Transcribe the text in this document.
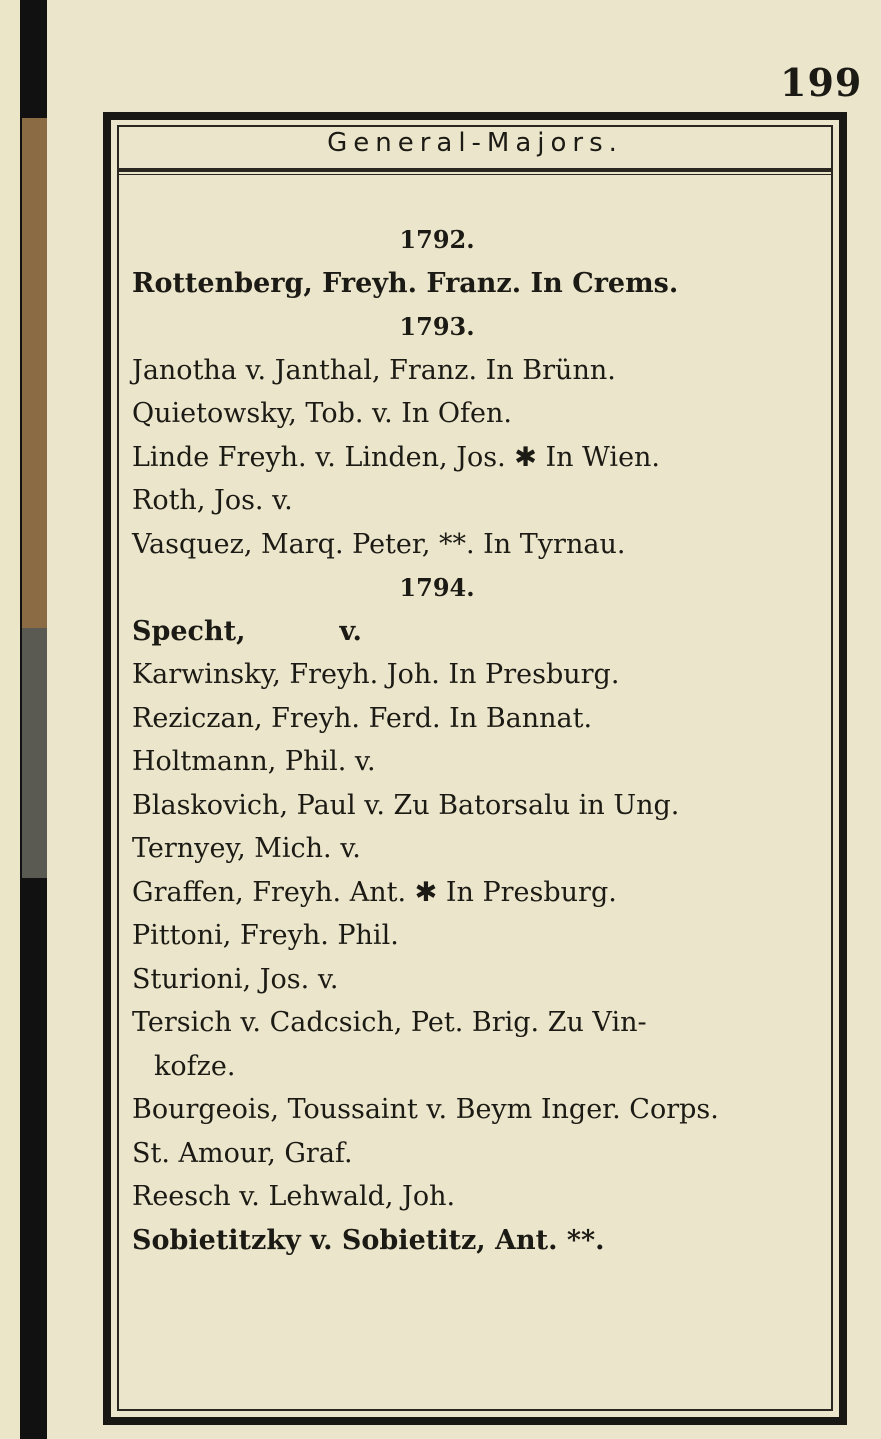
199
General-Majors.
1792.
Rottenberg, Freyh. Franz. In Crems.
1793.
Janotha v. Janthal, Franz. In Brünn.
Quietowsky, Tob. v. In Ofen.
Linde Freyh. v. Linden, Jos. ✱ In Wien.
Roth, Jos. v.
Vasquez, Marq. Peter, **. In Tyrnau.
1794.
Specht,          v.
Karwinsky, Freyh. Joh. In Presburg.
Reziczan, Freyh. Ferd. In Bannat.
Holtmann, Phil. v.
Blaskovich, Paul v. Zu Batorsalu in Ung.
Ternyey, Mich. v.
Graffen, Freyh. Ant. ✱ In Presburg.
Pittoni, Freyh. Phil.
Sturioni, Jos. v.
Tersich v. Cadcsich, Pet. Brig. Zu Vin-
kofze.
Bourgeois, Toussaint v. Beym Inger. Corps.
St. Amour, Graf.
Reesch v. Lehwald, Joh.
Sobietitzky v. Sobietitz, Ant. **.
